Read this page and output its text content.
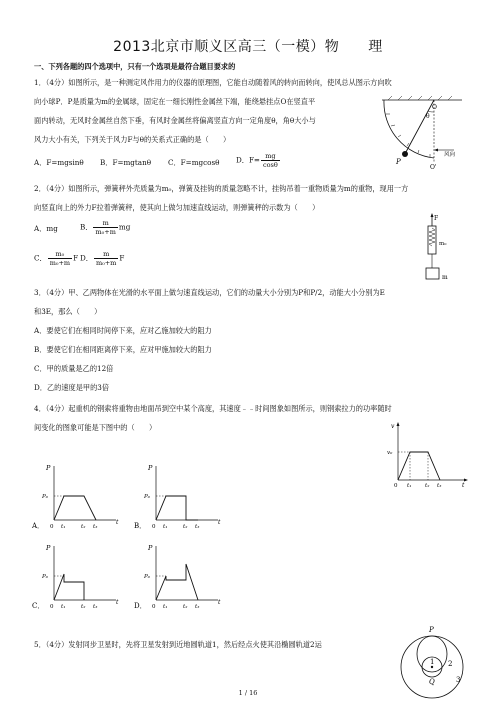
2013北京市顺义区高三（一模）物　　理
一、下列各题的四个选项中，只有一个选项是最符合题目要求的
1．（4分）如图所示，是一种测定风作用力的仪器的原理图，它能自动随着风的转向而转向，使风总从图示方向吹
向小球P．P是质量为m的金属球，固定在一细长刚性金属丝下端，能绕悬挂点O在竖直平
面内转动，无风时金属丝自然下垂，有风时金属丝将偏离竖直方向一定角度θ，角θ大小与
风力大小有关，下列关于风力F与θ的关系式正确的是（　　）
A．F=mgsinθ B．F=mgtanθ C．F=mgcosθ D．$F= \frac{mg}{\cos\theta}$
O
θ
P
风向
O'
2．（4分）如图所示，弹簧秤外壳质量为m₀，弹簧及挂钩的质量忽略不计，挂钩吊着一重物质量为m的重物，现用一方
向竖直向上的外力F拉着弹簧秤，使其向上做匀加速直线运动，则弹簧秤的示数为（　　）
A．mg	B． $\frac{m}{\text{m₀+m}}$ mg
C． $\frac{\text{m₀}}{\text{m₀+m}}$ F D． $\frac{m}{\text{m₀+m}}$ F
F
m₀
m
3．（4分）甲、乙两物体在光滑的水平面上做匀速直线运动，它们的动量大小分别为P和P/2，动能大小分别为E
和3E，那么（　　）
A．要使它们在相同时间停下来，应对乙施加较大的阻力
B．要使它们在相同距离停下来，应对甲施加较大的阻力
C．甲的质量是乙的12倍
D．乙的速度是甲的3倍
4．（4分）起重机的钢索将重物由地面吊到空中某个高度，其速度﹣﹣时间图象如图所示，则钢索拉力的功率随时
间变化的图象可能是下图中的（　　）	v
v₀
0 t₁ t₂ t₃	t
P
P₀
0 t₁	t₂ t₃
t
A．
P
P₀
0 t₁	t₂ t₃
t
B．
P
P₀
0 t₁	t₂ t₃
t
C．
P
P₀
0 t₁	t₂ t₃
t
D．
5．（4分）发射同步卫星时，先将卫星发射到近地圆轨道1，然后经点火使其沿椭圆轨道2运
P
Q
1 2
3
1 / 16
